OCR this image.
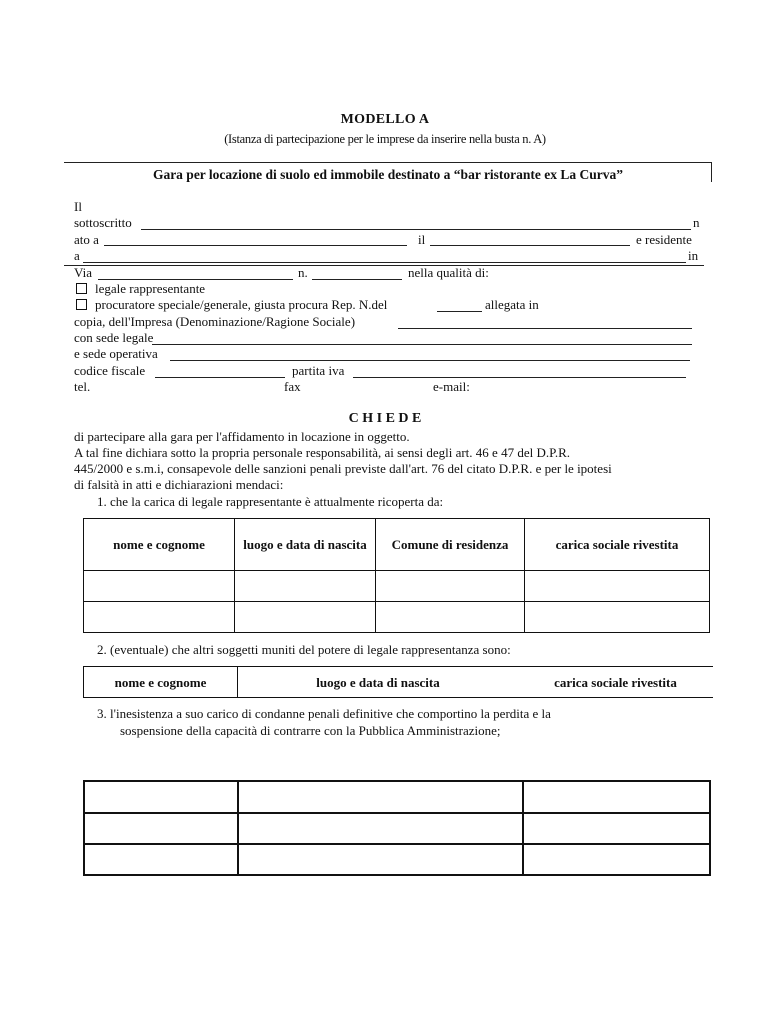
MODELLO A
(Istanza di partecipazione per le imprese da inserire nella busta n. A)
Gara per locazione di suolo ed immobile destinato a “bar ristorante ex La Curva”
Il
sottoscritto	n
ato a	il	e residente
a	in
Via	n.	nella qualità di:
legale rappresentante
procuratore speciale/generale, giusta procura Rep. N.del	allegata in
copia, dell'Impresa (Denominazione/Ragione Sociale)
con sede legale
e sede operativa
codice fiscale	partita iva
tel.	fax	e-mail:
C H I E D E
di partecipare alla gara per l'affidamento in locazione in oggetto.
A tal fine dichiara sotto la propria personale responsabilità, ai sensi degli art. 46 e 47 del D.P.R.
445/2000 e s.m.i, consapevole delle sanzioni penali previste dall'art. 76 del citato D.P.R. e per le ipotesi
di falsità in atti e dichiarazioni mendaci:
1. che la carica di legale rappresentante è attualmente ricoperta da:
nome e cognome	luogo e data di nascita	Comune di residenza	carica sociale rivestita

2. (eventuale) che altri soggetti muniti del potere di legale rappresentanza sono:
nome e cognome	luogo e data di nascita	carica sociale rivestita
3. l'inesistenza a suo carico di condanne penali definitive che comportino la perdita e la
sospensione della capacità di contrarre con la Pubblica Amministrazione;
